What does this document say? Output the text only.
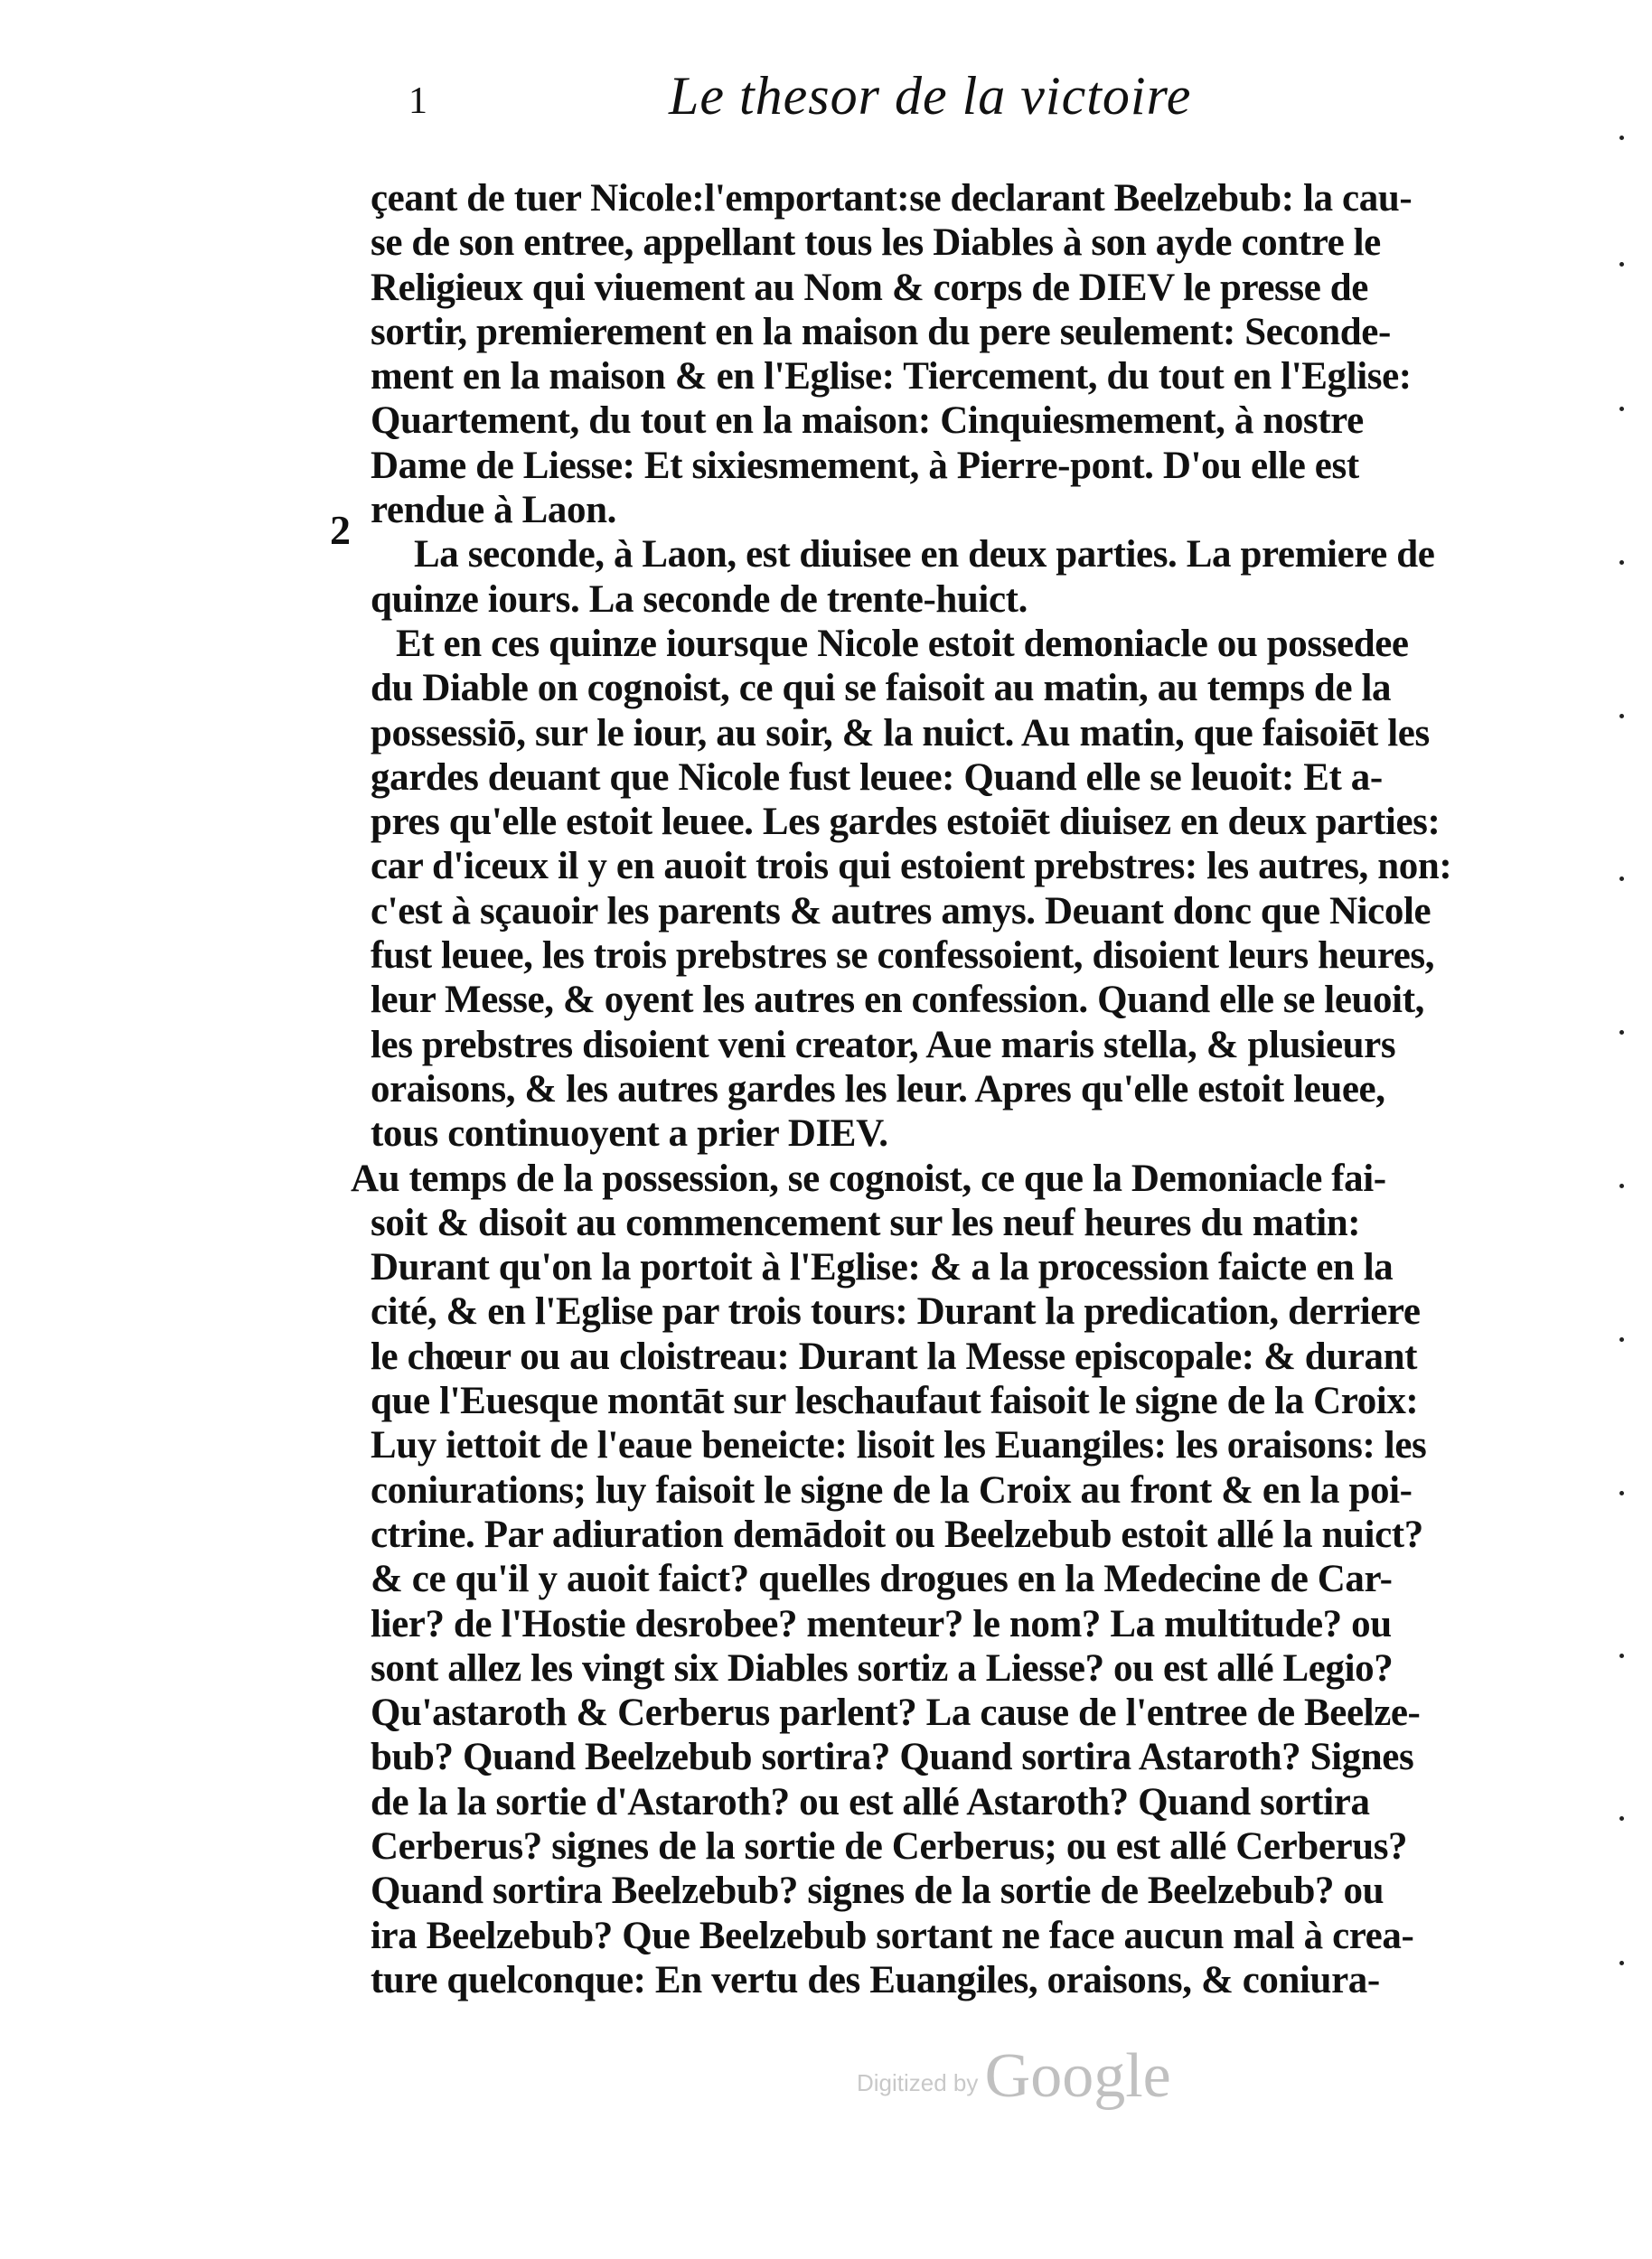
1	Le thesor de la victoire
2
çeant de tuer Nicole:l'emportant:se declarant Beelzebub: la cau-
se de son entree, appellant tous les Diables à son ayde contre le
Religieux qui viuement au Nom & corps de DIEV le presse de
sortir, premierement en la maison du pere seulement: Seconde-
ment en la maison & en l'Eglise: Tiercement, du tout en l'Eglise:
Quartement, du tout en la maison: Cinquiesmement, à nostre
Dame de Liesse: Et sixiesmement, à Pierre-pont. D'ou elle est
rendue à Laon.
La seconde, à Laon, est diuisee en deux parties. La premiere de
quinze iours. La seconde de trente-huict.
Et en ces quinze ioursque Nicole estoit demoniacle ou possedee
du Diable on cognoist, ce qui se faisoit au matin, au temps de la
possessiō, sur le iour, au soir, & la nuict. Au matin, que faisoiēt les
gardes deuant que Nicole fust leuee: Quand elle se leuoit: Et a-
pres qu'elle estoit leuee. Les gardes estoiēt diuisez en deux parties:
car d'iceux il y en auoit trois qui estoient prebstres: les autres, non:
c'est à sçauoir les parents & autres amys. Deuant donc que Nicole
fust leuee, les trois prebstres se confessoient, disoient leurs heures,
leur Messe, & oyent les autres en confession. Quand elle se leuoit,
les prebstres disoient veni creator, Aue maris stella, & plusieurs
oraisons, & les autres gardes les leur. Apres qu'elle estoit leuee,
tous continuoyent a prier DIEV.
Au temps de la possession, se cognoist, ce que la Demoniacle fai-
soit & disoit au commencement sur les neuf heures du matin:
Durant qu'on la portoit à l'Eglise: & a la procession faicte en la
cité, & en l'Eglise par trois tours: Durant la predication, derriere
le chœur ou au cloistreau: Durant la Messe episcopale: & durant
que l'Euesque montāt sur leschaufaut faisoit le signe de la Croix:
Luy iettoit de l'eaue beneicte: lisoit les Euangiles: les oraisons: les
coniurations; luy faisoit le signe de la Croix au front & en la poi-
ctrine. Par adiuration demādoit ou Beelzebub estoit allé la nuict?
& ce qu'il y auoit faict? quelles drogues en la Medecine de Car-
lier? de l'Hostie desrobee? menteur? le nom? La multitude? ou
sont allez les vingt six Diables sortiz a Liesse? ou est allé Legio?
Qu'astaroth & Cerberus parlent? La cause de l'entree de Beelze-
bub? Quand Beelzebub sortira? Quand sortira Astaroth? Signes
de la la sortie d'Astaroth? ou est allé Astaroth? Quand sortira
Cerberus? signes de la sortie de Cerberus; ou est allé Cerberus?
Quand sortira Beelzebub? signes de la sortie de Beelzebub? ou
ira Beelzebub? Que Beelzebub sortant ne face aucun mal à crea-
ture quelconque: En vertu des Euangiles, oraisons, & coniura-
Digitized by Google
